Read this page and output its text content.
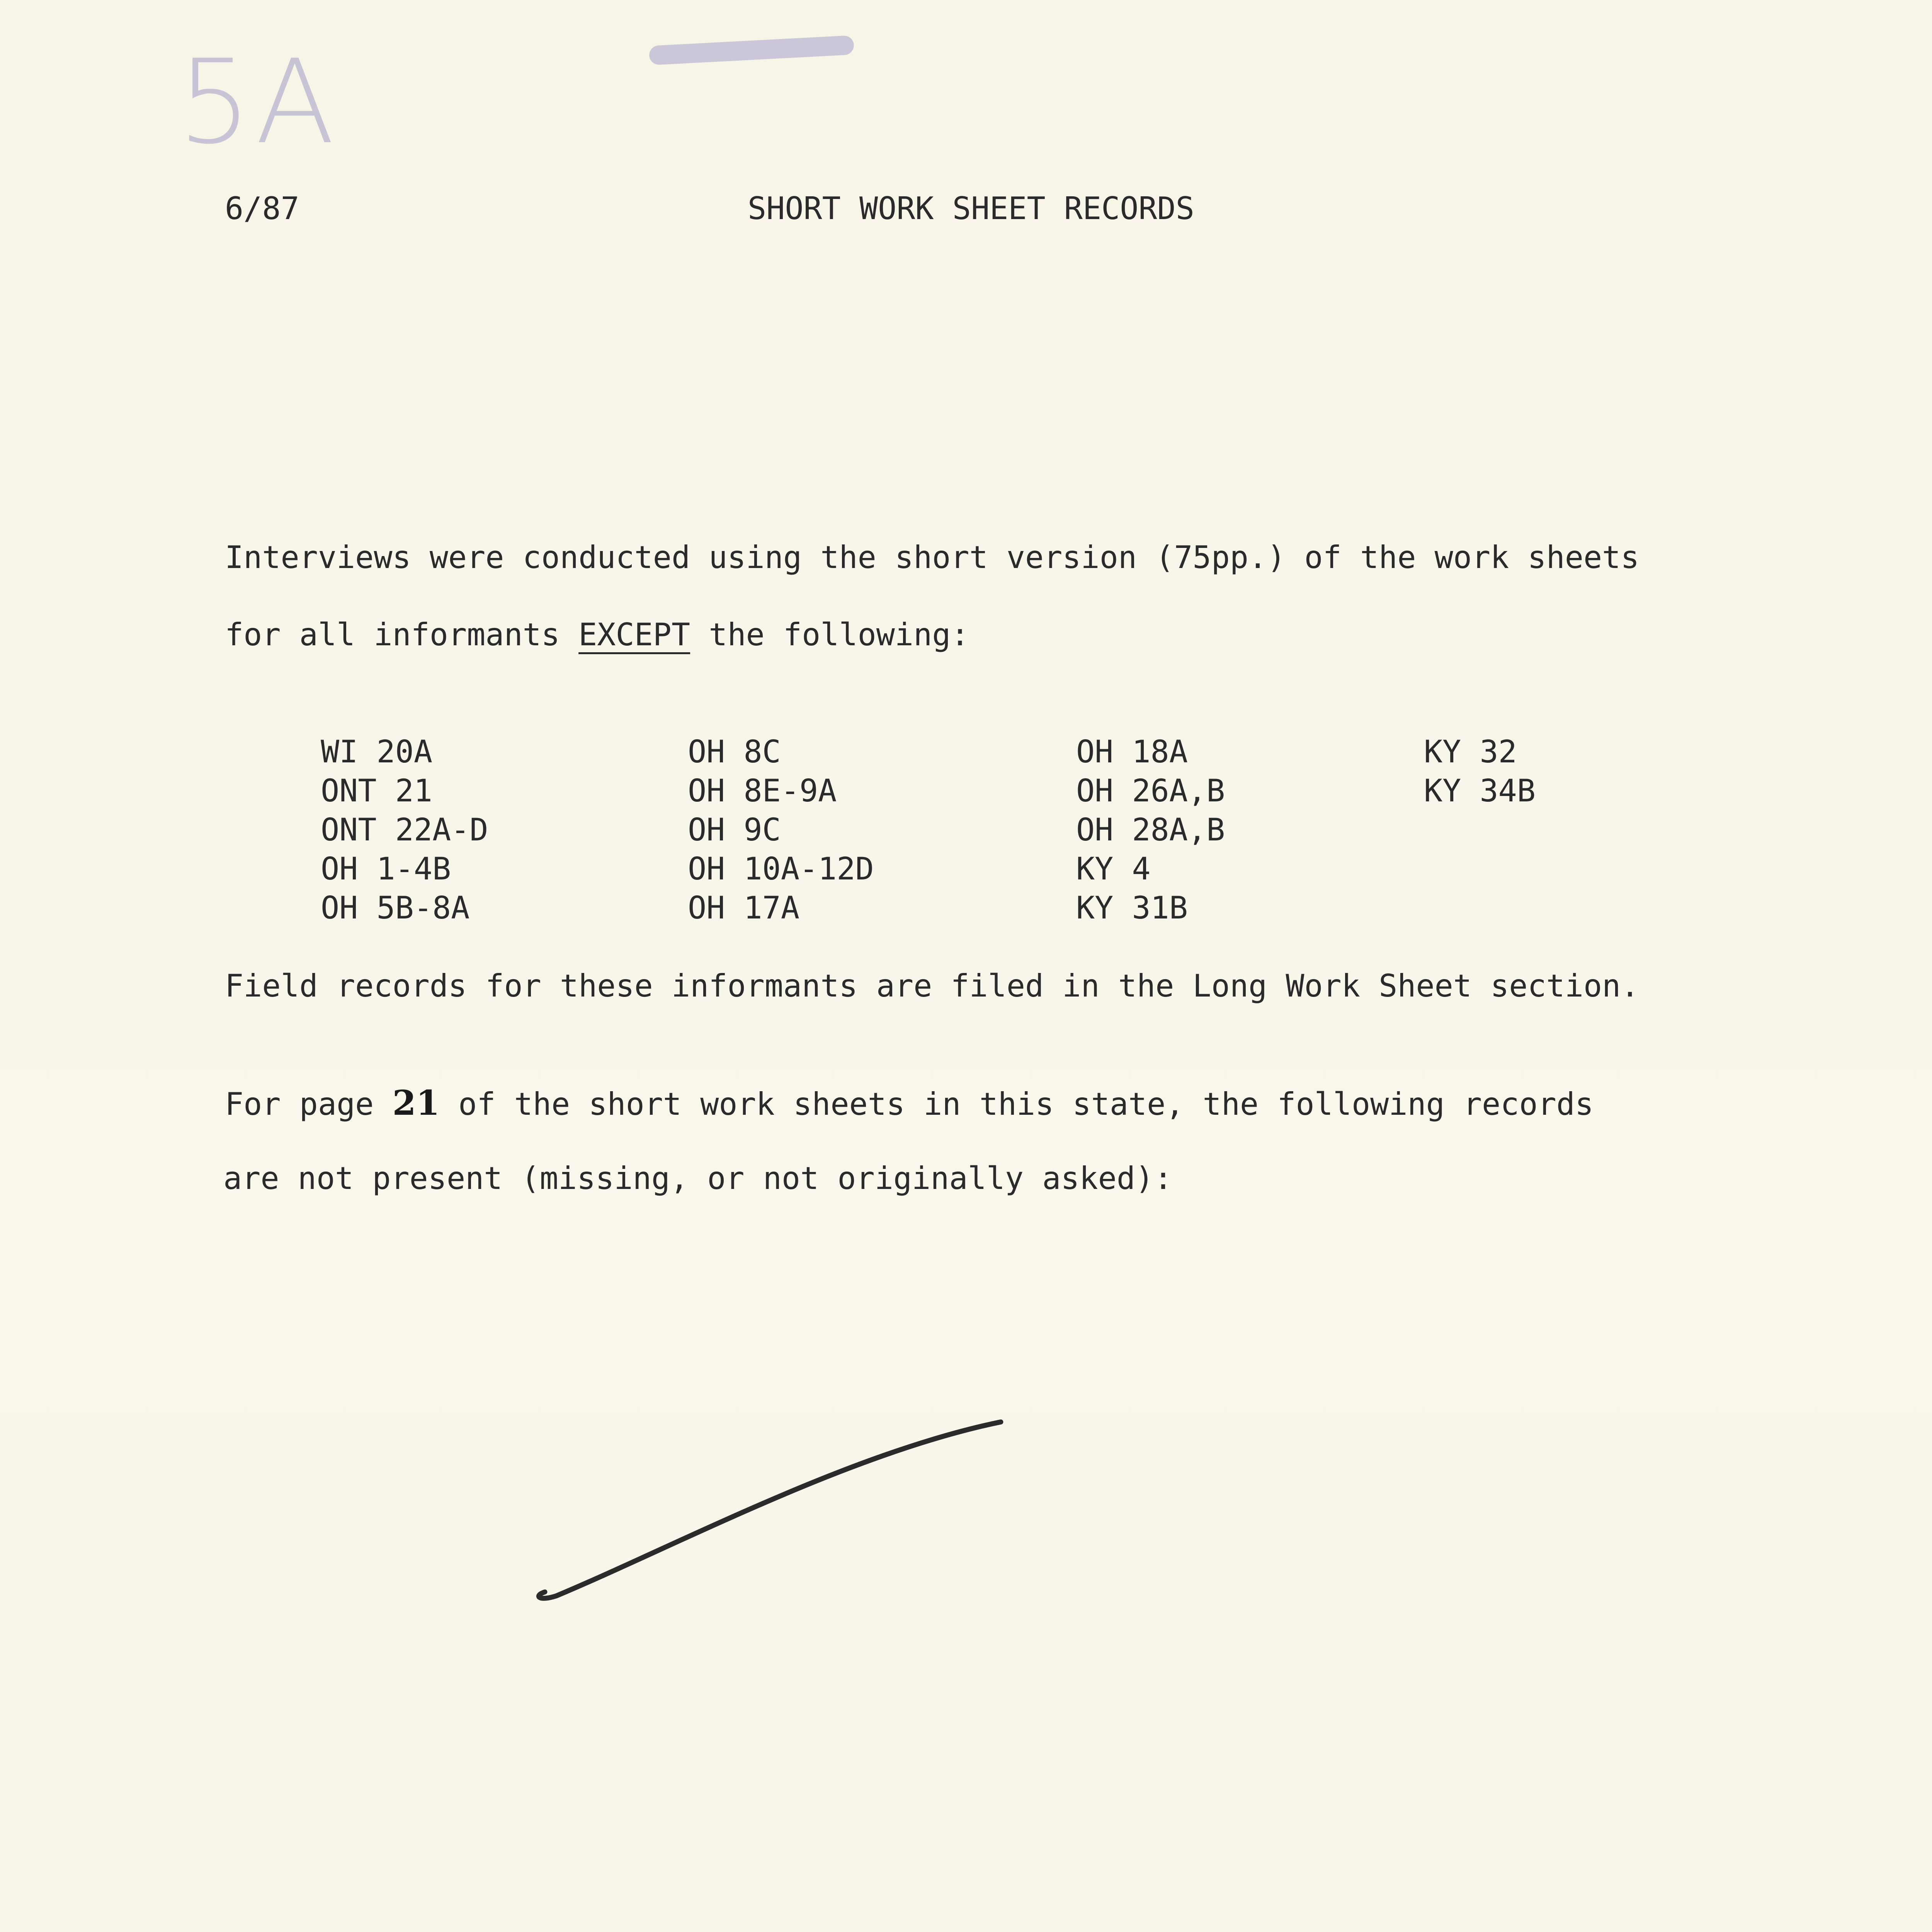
5A
6/87	SHORT WORK SHEET RECORDS
Interviews were conducted using the short version (75pp.) of the work sheets
for all informants EXCEPT the following:
WI 20A
ONT 21
ONT 22A-D
OH 1-4B
OH 5B-8A
OH 8C
OH 8E-9A
OH 9C
OH 10A-12D
OH 17A
OH 18A
OH 26A,B
OH 28A,B
KY 4
KY 31B
KY 32
KY 34B
Field records for these informants are filed in the Long Work Sheet section.
For page 21 of the short work sheets in this state, the following records
are not present (missing, or not originally asked):
